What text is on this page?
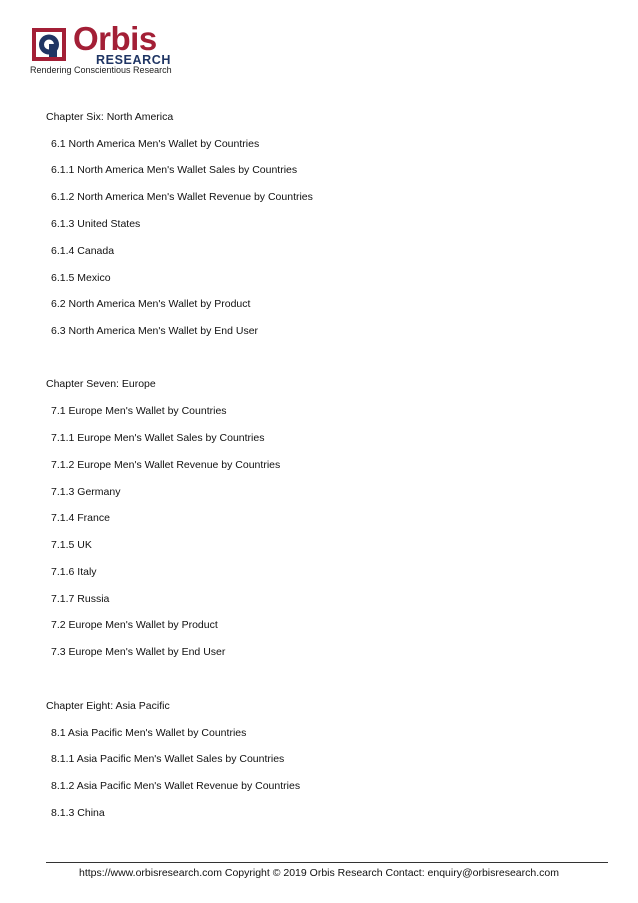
Orbis
RESEARCH
Rendering Conscientious Research
Chapter Six: North America
6.1 North America Men's Wallet by Countries
6.1.1 North America Men's Wallet Sales by Countries
6.1.2 North America Men's Wallet Revenue by Countries
6.1.3 United States
6.1.4 Canada
6.1.5 Mexico
6.2 North America Men's Wallet by Product
6.3 North America Men's Wallet by End User
Chapter Seven: Europe
7.1 Europe Men's Wallet by Countries
7.1.1 Europe Men's Wallet Sales by Countries
7.1.2 Europe Men's Wallet Revenue by Countries
7.1.3 Germany
7.1.4 France
7.1.5 UK
7.1.6 Italy
7.1.7 Russia
7.2 Europe Men's Wallet by Product
7.3 Europe Men's Wallet by End User
Chapter Eight: Asia Pacific
8.1 Asia Pacific Men's Wallet by Countries
8.1.1 Asia Pacific Men's Wallet Sales by Countries
8.1.2 Asia Pacific Men's Wallet Revenue by Countries
8.1.3 China
https://www.orbisresearch.com Copyright © 2019 Orbis Research Contact: enquiry@orbisresearch.com
